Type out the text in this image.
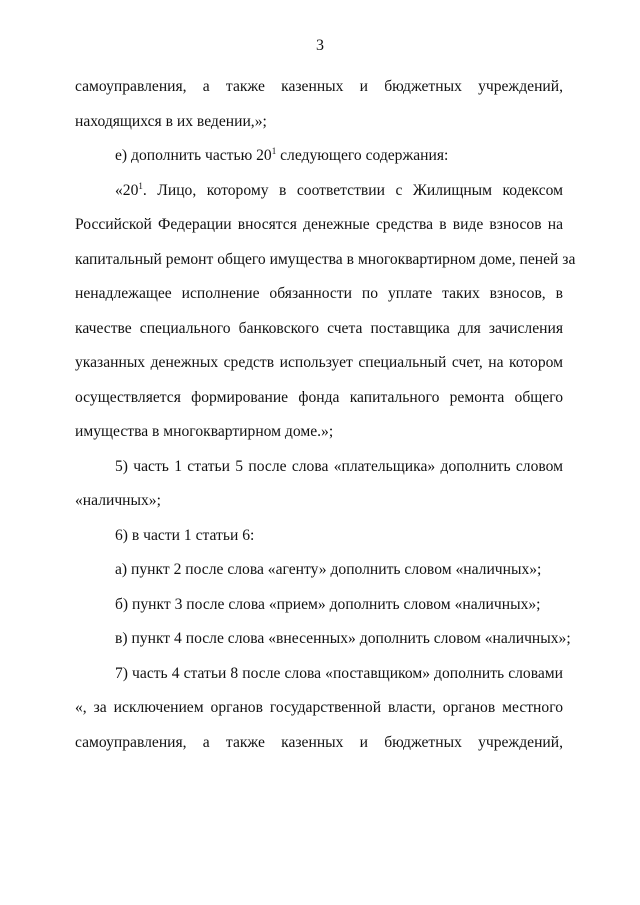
3
самоуправления, а также казенных и бюджетных учреждений,
находящихся в их ведении,»;
е) дополнить частью $20^1$ следующего содержания:
«$20^1$. Лицо, которому в соответствии с Жилищным кодексом
Российской Федерации вносятся денежные средства в виде взносов на
капитальный ремонт общего имущества в многоквартирном доме, пеней за
ненадлежащее исполнение обязанности по уплате таких взносов, в
качестве специального банковского счета поставщика для зачисления
указанных денежных средств использует специальный счет, на котором
осуществляется формирование фонда капитального ремонта общего
имущества в многоквартирном доме.»;
5) часть 1 статьи 5 после слова «плательщика» дополнить словом
«наличных»;
6) в части 1 статьи 6:
а) пункт 2 после слова «агенту» дополнить словом «наличных»;
б) пункт 3 после слова «прием» дополнить словом «наличных»;
в) пункт 4 после слова «внесенных» дополнить словом «наличных»;
7) часть 4 статьи 8 после слова «поставщиком» дополнить словами
«, за исключением органов государственной власти, органов местного
самоуправления, а также казенных и бюджетных учреждений,
